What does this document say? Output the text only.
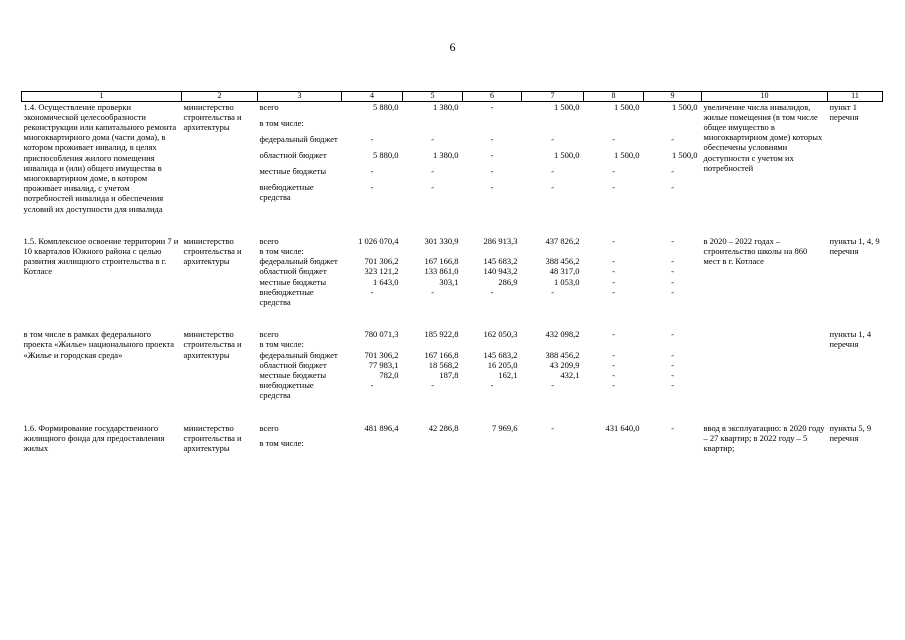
6
1	2	3	4	5	6	7	8	9	10	11
1.4. Осуществление проверки экономической целесообразности реконструкции или капитального ремонта многоквартирного дома (части дома), в котором проживает инвалид, в целях приспособления жилого помещения инвалида и (или) общего имущества в многоквартирном доме, в котором проживает инвалид, с учетом потребностей инвалида и обеспечения условий их доступности для инвалида	министерство строительства и архитектуры	всего	5 880,0	1 380,0	-	1 500,0	1 500,0	1 500,0	увеличение числа инвалидов, жилые помещения (в том числе общее имущество в многоквартирном доме) которых обеспечены условиями доступности с учетом их потребностей	пункт 1 перечня
		в том числе:								
		федеральный бюджет	-	-	-	-	-	-		
		областной бюджет	5 880,0	1 380,0	-	1 500,0	1 500,0	1 500,0		
		местные бюджеты	-	-	-	-	-	-		
		внебюджетные средства	-	-	-	-	-	-		

1.5. Комплексное освоение территории 7 и 10 кварталов Южного района с целью развития жилищного строительства в г. Котласе	министерство строительства и архитектуры	всего	1 026 070,4	301 330,9	286 913,3	437 826,2	-	-	в 2020 – 2022 годах – строительство школы на 860 мест в г. Котласе	пункты 1, 4, 9 перечня
		в том числе:								
		федеральный бюджет	701 306,2	167 166,8	145 683,2	388 456,2	-	-		
		областной бюджет	323 121,2	133 861,0	140 943,2	48 317,0	-	-		
		местные бюджеты	1 643,0	303,1	286,9	1 053,0	-	-		
		внебюджетные средства	-	-	-	-	-	-		

в том числе в рамках федерального проекта «Жилье» национального проекта «Жилье и городская среда»	министерство строительства и архитектуры	всего	780 071,3	185 922,8	162 050,3	432 098,2	-	-		пункты 1, 4 перечня
		в том числе:								
		федеральный бюджет	701 306,2	167 166,8	145 683,2	388 456,2	-	-		
		областной бюджет	77 983,1	18 568,2	16 205,0	43 209,9	-	-		
		местные бюджеты	782,0	187,8	162,1	432,1	-	-		
		внебюджетные средства	-	-	-	-	-	-		

1.6. Формирование государственного жилищного фонда для предоставления жилых	министерство строительства и архитектуры	всего	481 896,4	42 286,8	7 969,6	-	431 640,0	-	ввод в эксплуатацию: в 2020 году – 27 квартир; в 2022 году – 5 квартир;	пункты 5, 9 перечня
		в том числе:								
